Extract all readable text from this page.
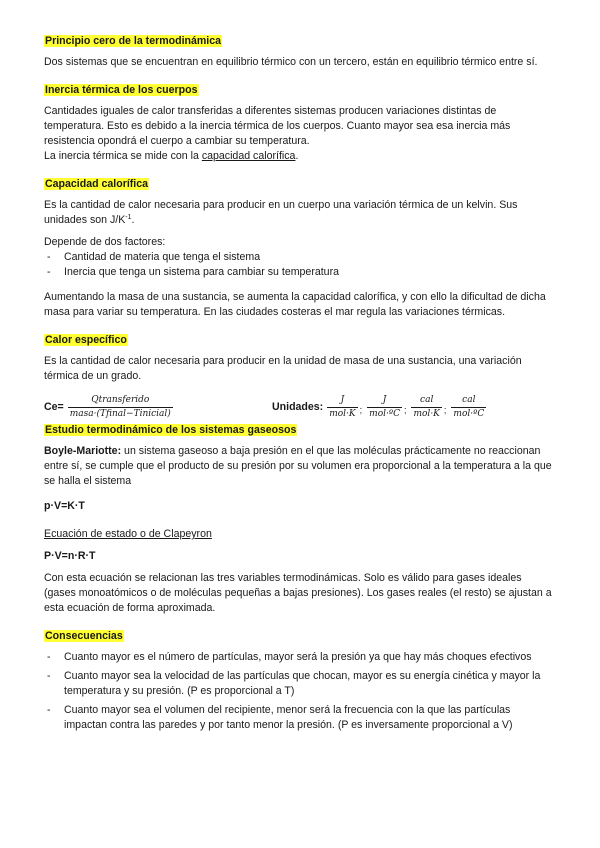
Principio cero de la termodinámica

Dos sistemas que se encuentran en equilibrio térmico con un tercero, están en equilibrio térmico entre sí.

Inercia térmica de los cuerpos

Cantidades iguales de calor transferidas a diferentes sistemas producen variaciones distintas de temperatura. Esto es debido a la inercia térmica de los cuerpos. Cuanto mayor sea esa inercia más resistencia opondrá el cuerpo a cambiar su temperatura.

La inercia térmica se mide con la capacidad calorífica.

Capacidad calorífica

Es la cantidad de calor necesaria para producir en un cuerpo una variación térmica de un kelvin. Sus unidades son $J/K^{-1}$.

Depende de dos factores:

- Cantidad de materia que tenga el sistema
- Inercia que tenga un sistema para cambiar su temperatura

Aumentando la masa de una sustancia, se aumenta la capacidad calorífica, y con ello la dificultad de dicha masa para variar su temperatura. En las ciudades costeras el mar regula las variaciones térmicas.

Calor específico

Es la cantidad de calor necesaria para producir en la unidad de masa de una sustancia, una variación térmica de un grado.

$Ce= \frac{\text{Qtransferido}}{\text{masa·(Tfinal−Tinicial)}}$	Unidades: $\frac{J}{\text{mol·K}}$ ; $\frac{J}{\text{mol·ºC}}$ ; $\frac{\text{cal}}{\text{mol·K}}$ ; $\frac{\text{cal}}{\text{mol·ºC}}$
Estudio termodinámico de los sistemas gaseosos

Boyle-Mariotte: un sistema gaseoso a baja presión en el que las moléculas prácticamente no reaccionan entre sí, se cumple que el producto de su presión por su volumen era proporcional a la temperatura a la que se halla el sistema

p·V=K·T

Ecuación de estado o de Clapeyron

P·V=n·R·T

Con esta ecuación se relacionan las tres variables termodinámicas. Solo es válido para gases ideales (gases monoatómicos o de moléculas pequeñas a bajas presiones). Los gases reales (el resto) se ajustan a esta ecuación de forma aproximada.

Consecuencias
- Cuanto mayor es el número de partículas, mayor será la presión ya que hay más choques efectivos
- Cuanto mayor sea la velocidad de las partículas que chocan, mayor es su energía cinética y mayor la temperatura y su presión. (P es proporcional a T)
- Cuanto mayor sea el volumen del recipiente, menor será la frecuencia con la que las partículas impactan contra las paredes y por tanto menor la presión. (P es inversamente proporcional a V)
